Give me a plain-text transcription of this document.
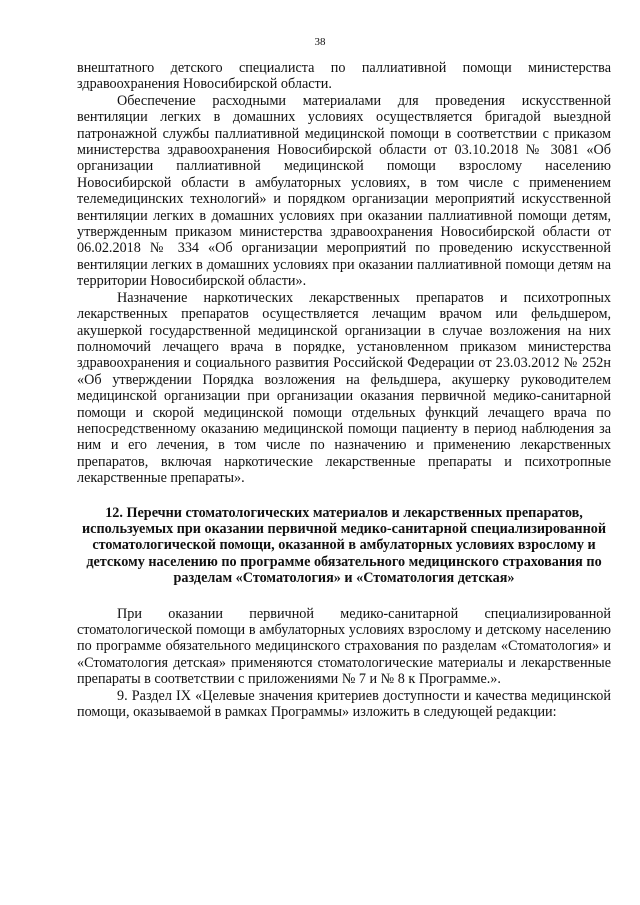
38

внештатного детского специалиста по паллиативной помощи министерства здравоохранения Новосибирской области.

Обеспечение расходными материалами для проведения искусственной вентиляции легких в домашних условиях осуществляется бригадой выездной патронажной службы паллиативной медицинской помощи в соответствии с приказом министерства здравоохранения Новосибирской области от 03.10.2018 № 3081 «Об организации паллиативной медицинской помощи взрослому населению Новосибирской области в амбулаторных условиях, в том числе с применением телемедицинских технологий» и порядком организации мероприятий искусственной вентиляции легких в домашних условиях при оказании паллиативной помощи детям, утвержденным приказом министерства здравоохранения Новосибирской области от 06.02.2018 № 334 «Об организации мероприятий по проведению искусственной вентиляции легких в домашних условиях при оказании паллиативной помощи детям на территории Новосибирской области».

Назначение наркотических лекарственных препаратов и психотропных лекарственных препаратов осуществляется лечащим врачом или фельдшером, акушеркой государственной медицинской организации в случае возложения на них полномочий лечащего врача в порядке, установленном приказом министерства здравоохранения и социального развития Российской Федерации от 23.03.2012 № 252н «Об утверждении Порядка возложения на фельдшера, акушерку руководителем медицинской организации при организации оказания первичной медико-санитарной помощи и скорой медицинской помощи отдельных функций лечащего врача по непосредственному оказанию медицинской помощи пациенту в период наблюдения за ним и его лечения, в том числе по назначению и применению лекарственных препаратов, включая наркотические лекарственные препараты и психотропные лекарственные препараты».

12. Перечни стоматологических материалов и лекарственных препаратов, используемых при оказании первичной медико-санитарной специализированной стоматологической помощи, оказанной в амбулаторных условиях взрослому и детскому населению по программе обязательного медицинского страхования по разделам «Стоматология» и «Стоматология детская»

При оказании первичной медико-санитарной специализированной стоматологической помощи в амбулаторных условиях взрослому и детскому населению по программе обязательного медицинского страхования по разделам «Стоматология» и «Стоматология детская» применяются стоматологические материалы и лекарственные препараты в соответствии с приложениями № 7 и № 8 к Программе.».

9. Раздел IX «Целевые значения критериев доступности и качества медицинской помощи, оказываемой в рамках Программы» изложить в следующей редакции:
